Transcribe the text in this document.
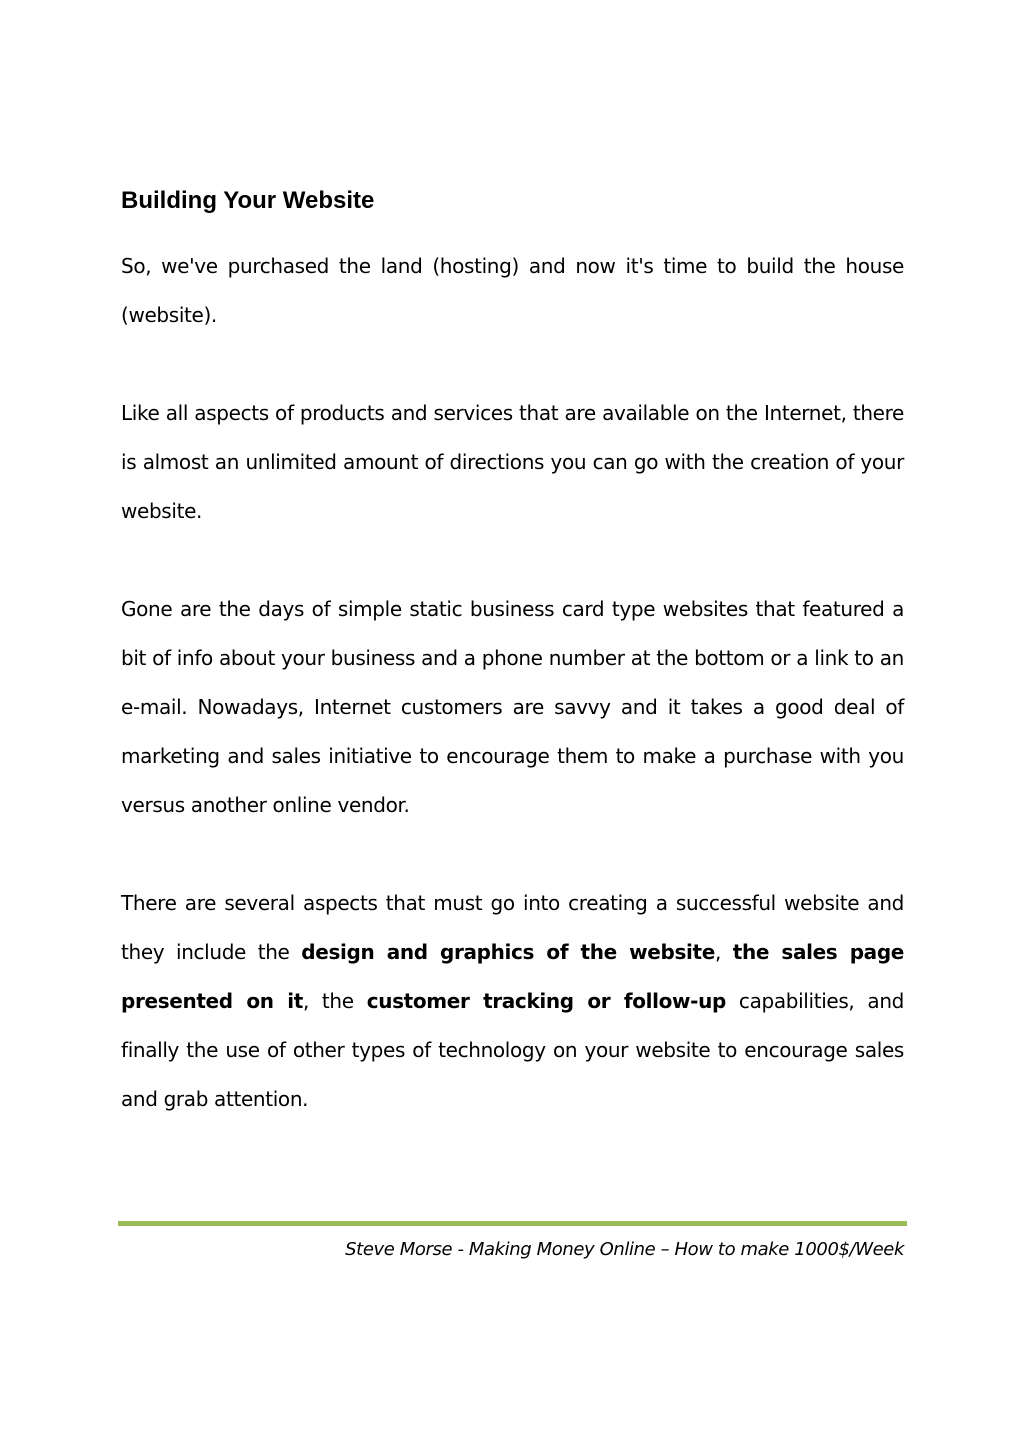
Building Your Website

So, we've purchased the land (hosting) and now it's time to build the house (website).

Like all aspects of products and services that are available on the Internet, there is almost an unlimited amount of directions you can go with the creation of your website.

Gone are the days of simple static business card type websites that featured a bit of info about your business and a phone number at the bottom or a link to an e-mail. Nowadays, Internet customers are savvy and it takes a good deal of marketing and sales initiative to encourage them to make a purchase with you versus another online vendor.

There are several aspects that must go into creating a successful website and they include the design and graphics of the website, the sales page presented on it, the customer tracking or follow-up capabilities, and finally the use of other types of technology on your website to encourage sales and grab attention.

Steve Morse - Making Money Online – How to make 1000$/Week
